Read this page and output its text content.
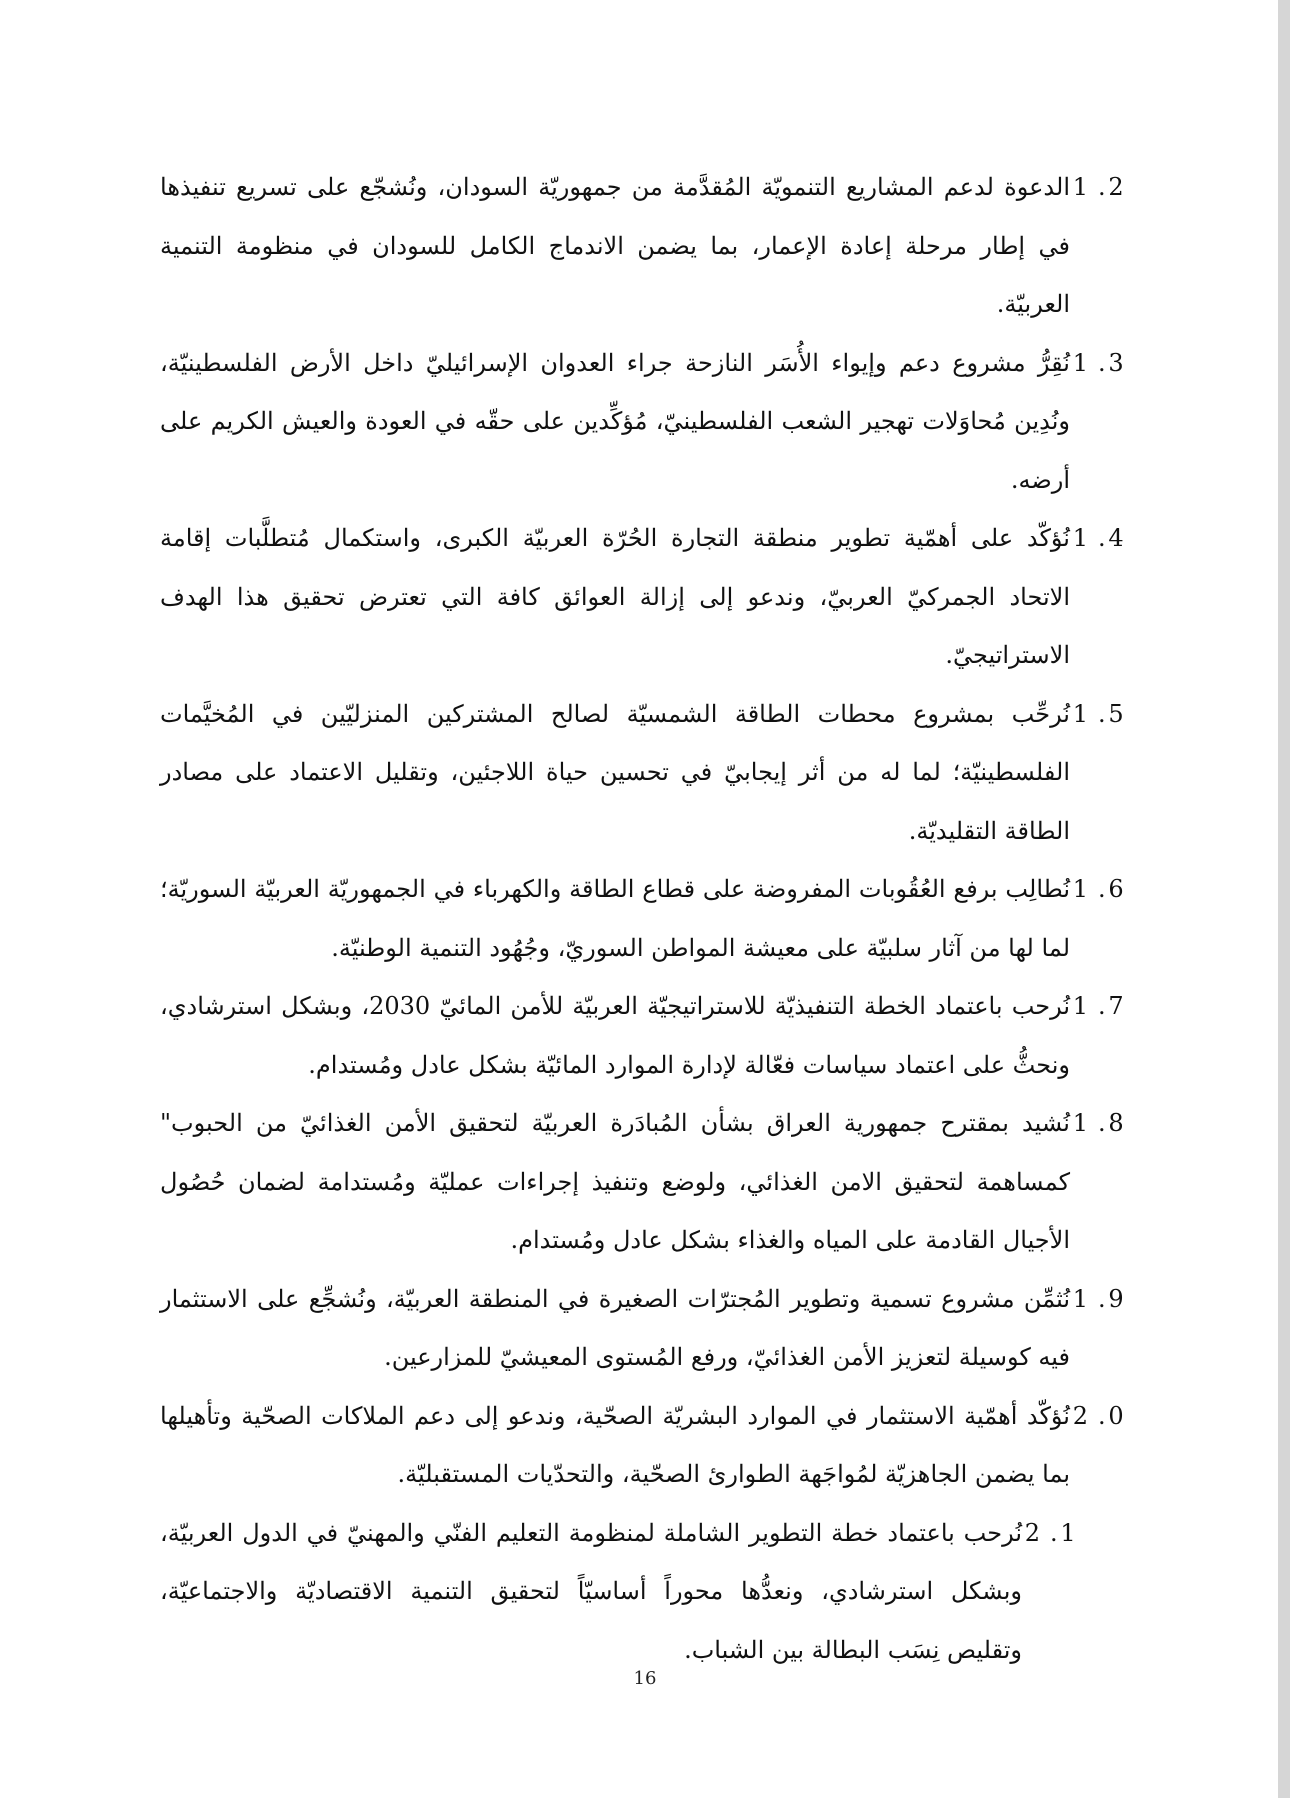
1 . 2
الدعوة لدعم المشاريع التنمويّة المُقدَّمة من جمهوريّة السودان، ونُشجّع على تسريع تنفيذها في إطار مرحلة إعادة الإعمار، بما يضمن الاندماج الكامل للسودان في منظومة التنمية العربيّة.
1 . 3
نُقِرُّ مشروع دعم وإيواء الأُسَر النازحة جراء العدوان الإسرائيليّ داخل الأرض الفلسطينيّة، ونُدِين مُحاوَلات تهجير الشعب الفلسطينيّ، مُؤكِّدين على حقّه في العودة والعيش الكريم على أرضه.
1 . 4
نُؤكّد على أهمّية تطوير منطقة التجارة الحُرّة العربيّة الكبرى، واستكمال مُتطلَّبات إقامة الاتحاد الجمركيّ العربيّ، وندعو إلى إزالة العوائق كافة التي تعترض تحقيق هذا الهدف الاستراتيجيّ.
1 . 5
نُرحِّب بمشروع محطات الطاقة الشمسيّة لصالح المشتركين المنزليّين في المُخيَّمات الفلسطينيّة؛ لما له من أثر إيجابيّ في تحسين حياة اللاجئين، وتقليل الاعتماد على مصادر الطاقة التقليديّة.
1 . 6
نُطالِب برفع العُقُوبات المفروضة على قطاع الطاقة والكهرباء في الجمهوريّة العربيّة السوريّة؛ لما لها من آثار سلبيّة على معيشة المواطن السوريّ، وجُهُود التنمية الوطنيّة.
1 . 7
نُرحب باعتماد الخطة التنفيذيّة للاستراتيجيّة العربيّة للأمن المائيّ 2030، وبشكل استرشادي، ونحثُّ على اعتماد سياسات فعّالة لإدارة الموارد المائيّة بشكل عادل ومُستدام.
1 . 8
نُشيد بمقترح جمهورية العراق بشأن المُبادَرة العربيّة لتحقيق الأمن الغذائيّ من الحبوب" كمساهمة لتحقيق الامن الغذائي، ولوضع وتنفيذ إجراءات عمليّة ومُستدامة لضمان حُصُول الأجيال القادمة على المياه والغذاء بشكل عادل ومُستدام.
1 . 9
نُثمِّن مشروع تسمية وتطوير المُجترّات الصغيرة في المنطقة العربيّة، ونُشجِّع على الاستثمار فيه كوسيلة لتعزيز الأمن الغذائيّ، ورفع المُستوى المعيشيّ للمزارعين.
2 . 0
نُؤكّد أهمّية الاستثمار في الموارد البشريّة الصحّية، وندعو إلى دعم الملاكات الصحّية وتأهيلها بما يضمن الجاهزيّة لمُواجَهة الطوارئ الصحّية، والتحدّيات المستقبليّة.
2 . 1
نُرحب باعتماد خطة التطوير الشاملة لمنظومة التعليم الفنّي والمهنيّ في الدول العربيّة، وبشكل استرشادي، ونعدُّها محوراً أساسيّاً لتحقيق التنمية الاقتصاديّة والاجتماعيّة، وتقليص نِسَب البطالة بين الشباب.
16
